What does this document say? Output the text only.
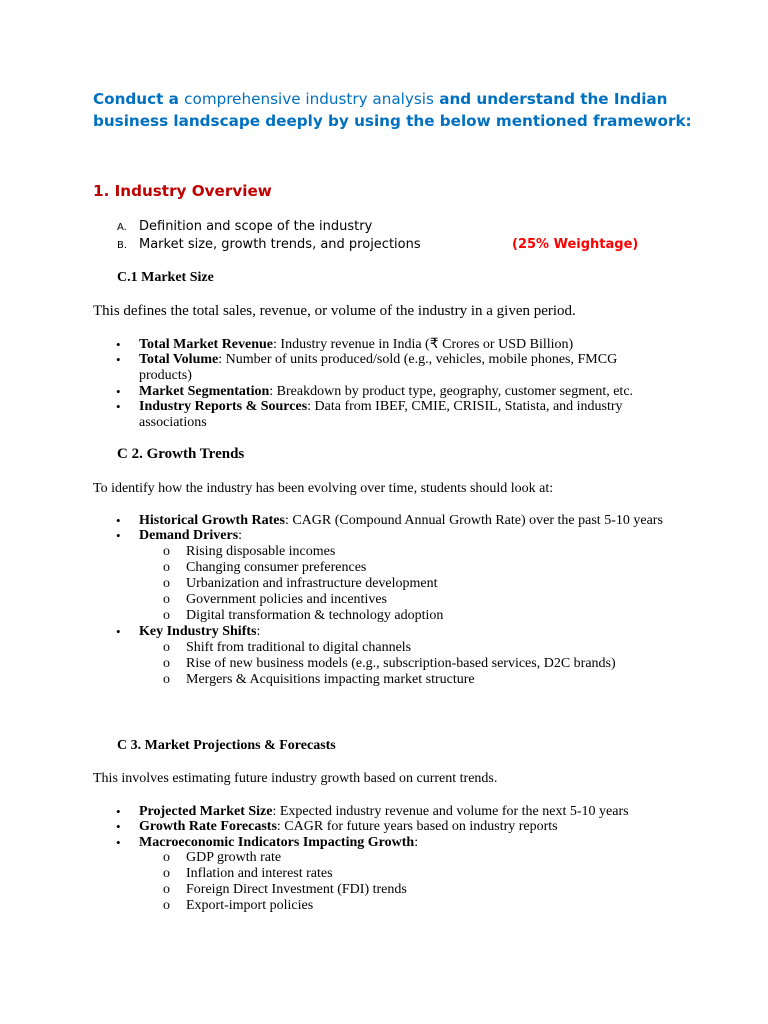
Conduct a comprehensive industry analysis and understand the Indian business landscape deeply by using the below mentioned framework:
1. Industry Overview
A. Definition and scope of the industry
B. Market size, growth trends, and projections	(25% Weightage)
C.1 Market Size
This defines the total sales, revenue, or volume of the industry in a given period.
• Total Market Revenue: Industry revenue in India (₹ Crores or USD Billion)
• Total Volume: Number of units produced/sold (e.g., vehicles, mobile phones, FMCG products)
• Market Segmentation: Breakdown by product type, geography, customer segment, etc.
• Industry Reports & Sources: Data from IBEF, CMIE, CRISIL, Statista, and industry associations
C 2. Growth Trends
To identify how the industry has been evolving over time, students should look at:
• Historical Growth Rates: CAGR (Compound Annual Growth Rate) over the past 5-10 years
• Demand Drivers:
o Rising disposable incomes
o Changing consumer preferences
o Urbanization and infrastructure development
o Government policies and incentives
o Digital transformation & technology adoption
• Key Industry Shifts:
o Shift from traditional to digital channels
o Rise of new business models (e.g., subscription-based services, D2C brands)
o Mergers & Acquisitions impacting market structure
C 3. Market Projections & Forecasts
This involves estimating future industry growth based on current trends.
• Projected Market Size: Expected industry revenue and volume for the next 5-10 years
• Growth Rate Forecasts: CAGR for future years based on industry reports
• Macroeconomic Indicators Impacting Growth:
o GDP growth rate
o Inflation and interest rates
o Foreign Direct Investment (FDI) trends
o Export-import policies
